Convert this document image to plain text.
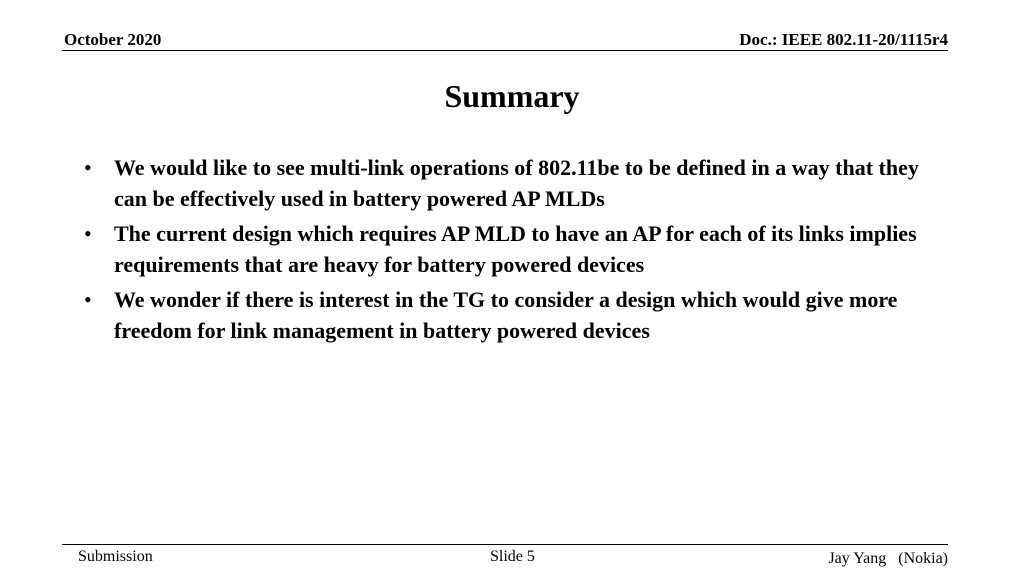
October 2020	Doc.: IEEE 802.11-20/1115r4
Summary
• We would like to see multi-link operations of 802.11be to be defined in a way that they can be effectively used in battery powered AP MLDs
• The current design which requires AP MLD to have an AP for each of its links implies requirements that are heavy for battery powered devices
• We wonder if there is interest in the TG to consider a design which would give more freedom for link management in battery powered devices
Submission	Slide 5	Jay Yang   (Nokia)
